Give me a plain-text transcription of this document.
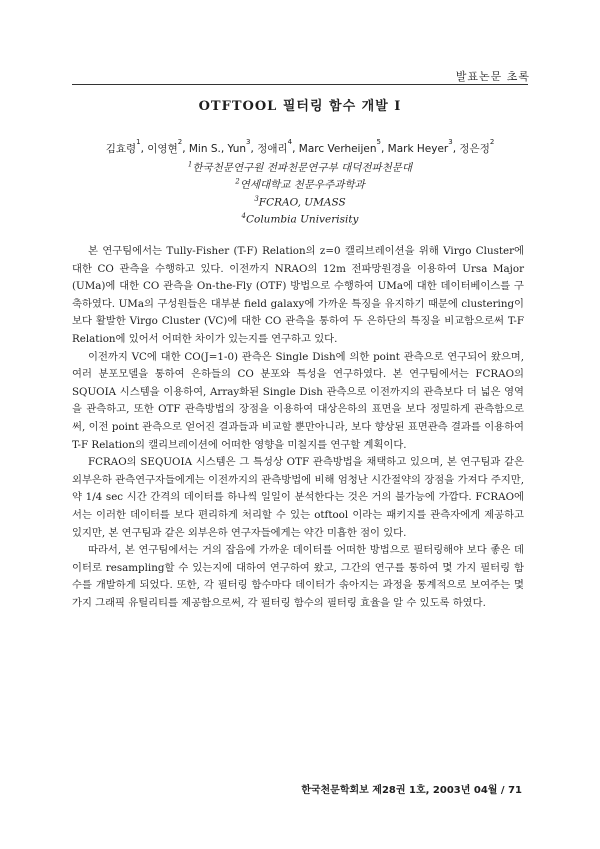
발표논문 초록
OTFTOOL 필터링 함수 개발 I
김효령$^1$, 이영현$^2$, Min S., Yun$^3$, 정애리$^4$, Marc Verheijen$^5$, Mark Heyer$^3$, 정은정$^2$
$^1$한국천문연구원 전파천문연구부 대덕전파천문대
$^2$연세대학교 천문우주과학과
$^3$FCRAO, UMASS
$^4$Columbia Univerisity

본 연구팀에서는 Tully-Fisher (T-F) Relation의 z=0 캘리브레이션을 위해 Virgo Cluster에 대한 CO 관측을 수행하고 있다. 이전까지 NRAO의 12m 전파망원경을 이용하여 Ursa Major (UMa)에 대한 CO 관측을 On-the-Fly (OTF) 방법으로 수행하여 UMa에 대한 데이터베이스를 구축하였다. UMa의 구성원들은 대부분 field galaxy에 가까운 특징을 유지하기 때문에 clustering이 보다 활발한 Virgo Cluster (VC)에 대한 CO 관측을 통하여 두 은하단의 특징을 비교함으로써 T-F Relation에 있어서 어떠한 차이가 있는지를 연구하고 있다.

이전까지 VC에 대한 CO(J=1-0) 관측은 Single Dish에 의한 point 관측으로 연구되어 왔으며, 여러 분포모델을 통하여 은하들의 CO 분포와 특성을 연구하였다. 본 연구팀에서는 FCRAO의 SQUOIA 시스템을 이용하여, Array화된 Single Dish 관측으로 이전까지의 관측보다 더 넓은 영역을 관측하고, 또한 OTF 관측방법의 장점을 이용하여 대상은하의 표면을 보다 정밀하게 관측함으로써, 이전 point 관측으로 얻어진 결과들과 비교할 뿐만아니라, 보다 향상된 표면관측 결과를 이용하여 T-F Relation의 캘리브레이션에 어떠한 영향을 미칠지를 연구할 계획이다.

FCRAO의 SEQUOIA 시스템은 그 특성상 OTF 관측방법을 채택하고 있으며, 본 연구팀과 같은 외부은하 관측연구자들에게는 이전까지의 관측방법에 비해 엄청난 시간절약의 장점을 가져다 주지만, 약 1/4 sec 시간 간격의 데이터를 하나씩 일일이 분석한다는 것은 거의 불가능에 가깝다. FCRAO에서는 이러한 데이터를 보다 편리하게 처리할 수 있는 otftool 이라는 패키지를 관측자에게 제공하고 있지만, 본 연구팀과 같은 외부은하 연구자들에게는 약간 미흡한 점이 있다.

따라서, 본 연구팀에서는 거의 잡음에 가까운 데이터를 어떠한 방법으로 필터링해야 보다 좋은 데이터로 resampling할 수 있는지에 대하여 연구하여 왔고, 그간의 연구를 통하여 몇 가지 필터링 함수를 개발하게 되었다. 또한, 각 필터링 함수마다 데이터가 솎아지는 과정을 통계적으로 보여주는 몇 가지 그래픽 유틸리티를 제공함으로써, 각 필터링 함수의 필터링 효율을 알 수 있도록 하였다.

한국천문학회보 제28권 1호, 2003년 04월 / 71
